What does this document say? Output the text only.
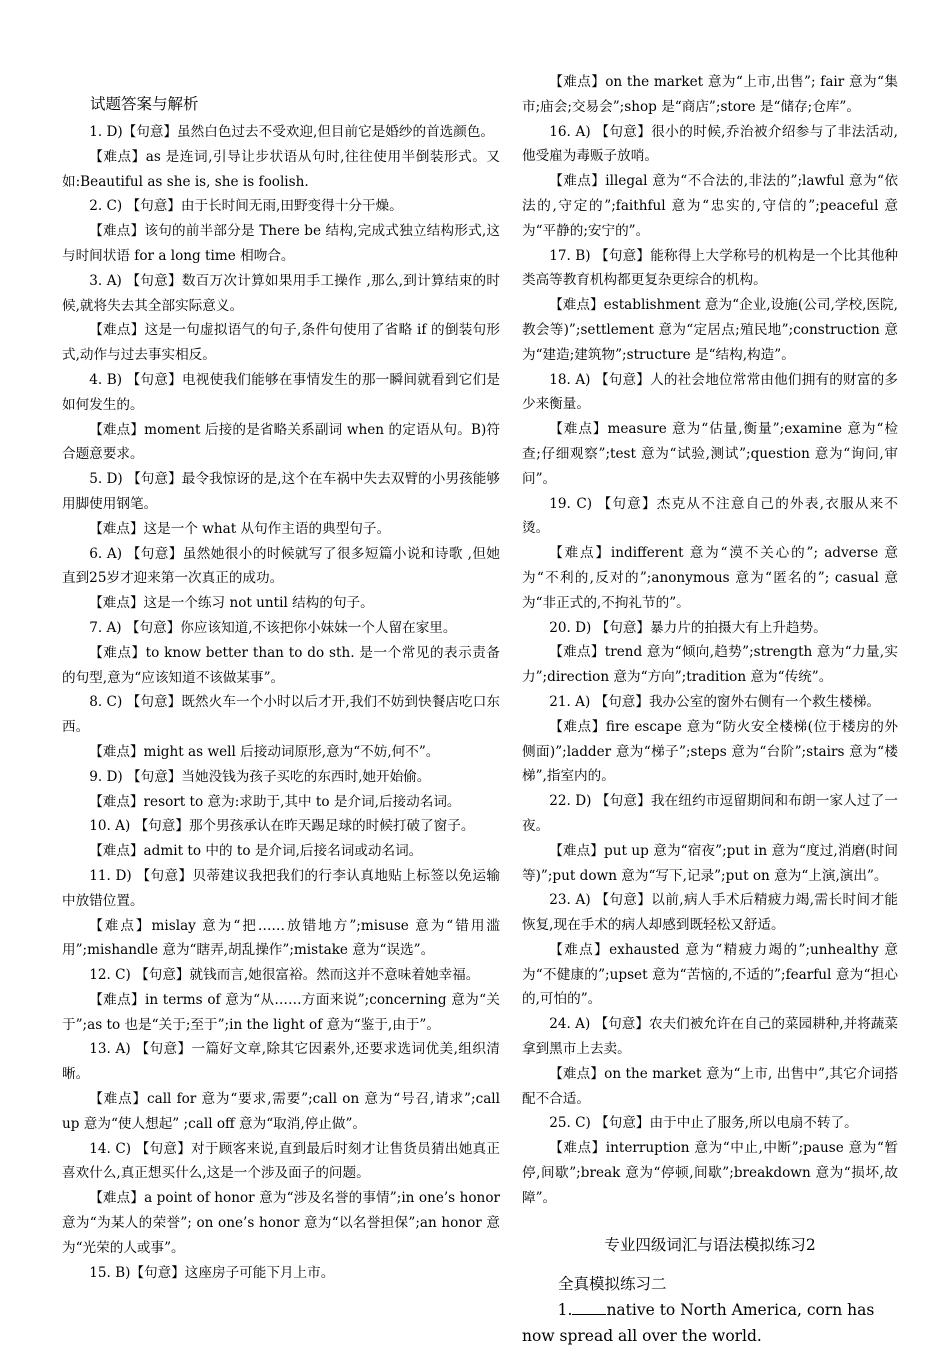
试题答案与解析

1. D)【句意】虽然白色过去不受欢迎,但目前它是婚纱的首选颜色。

【难点】as 是连词,引导让步状语从句时,往往使用半倒装形式。又如:Beautiful as she is, she is foolish.

2. C) 【句意】由于长时间无雨,田野变得十分干燥。

【难点】该句的前半部分是 There be 结构,完成式独立结构形式,这与时间状语 for a long time 相吻合。

3. A) 【句意】数百万次计算如果用手工操作 ,那么,到计算结束的时候,就将失去其全部实际意义。

【难点】这是一句虚拟语气的句子,条件句使用了省略 if 的倒装句形式,动作与过去事实相反。

4. B) 【句意】电视使我们能够在事情发生的那一瞬间就看到它们是如何发生的。

【难点】moment 后接的是省略关系副词 when 的定语从句。B)符合题意要求。

5. D) 【句意】最令我惊讶的是,这个在车祸中失去双臂的小男孩能够用脚使用钢笔。

【难点】这是一个 what 从句作主语的典型句子。

6. A) 【句意】虽然她很小的时候就写了很多短篇小说和诗歌 ,但她直到25岁才迎来第一次真正的成功。

【难点】这是一个练习 not until 结构的句子。

7. A) 【句意】你应该知道,不该把你小妹妹一个人留在家里。

【难点】to know better than to do sth. 是一个常见的表示责备的句型,意为“应该知道不该做某事”。

8. C) 【句意】既然火车一个小时以后才开,我们不妨到快餐店吃口东西。

【难点】might as well 后接动词原形,意为“不妨,何不”。

9. D) 【句意】当她没钱为孩子买吃的东西时,她开始偷。

【难点】resort to 意为:求助于,其中 to 是介词,后接动名词。

10. A) 【句意】那个男孩承认在昨天踢足球的时候打破了窗子。

【难点】admit to 中的 to 是介词,后接名词或动名词。

11. D) 【句意】贝蒂建议我把我们的行李认真地贴上标签以免运输中放错位置。

【难点】mislay 意为“把……放错地方”;misuse 意为“错用滥用”;mishandle 意为“瞎弄,胡乱操作”;mistake 意为“误选”。

12. C) 【句意】就钱而言,她很富裕。然而这并不意味着她幸福。

【难点】in terms of 意为“从……方面来说”;concerning 意为“关于”;as to 也是“关于;至于”;in the light of 意为“鉴于,由于”。

13. A) 【句意】一篇好文章,除其它因素外,还要求选词优美,组织清晰。

【难点】call for 意为“要求,需要”;call on 意为“号召,请求”;call up 意为“使人想起” ;call off 意为“取消,停止做”。

14. C) 【句意】对于顾客来说,直到最后时刻才让售货员猜出她真正喜欢什么,真正想买什么,这是一个涉及面子的问题。

【难点】a point of honor 意为“涉及名誉的事情”;in one’s honor 意为“为某人的荣誉”; on one’s honor 意为“以名誉担保”;an honor 意为“光荣的人或事”。

15. B)【句意】这座房子可能下月上市。

【难点】on the market 意为“上市,出售”; fair 意为“集市;庙会;交易会”;shop 是“商店”;store 是“储存;仓库”。

16. A) 【句意】很小的时候,乔治被介绍参与了非法活动,他受雇为毒贩子放哨。

【难点】illegal 意为“不合法的,非法的”;lawful 意为“依法的,守定的”;faithful 意为“忠实的,守信的”;peaceful 意为“平静的;安宁的”。

17. B) 【句意】能称得上大学称号的机构是一个比其他种类高等教育机构都更复杂更综合的机构。

【难点】establishment 意为“企业,设施(公司,学校,医院,教会等)”;settlement 意为“定居点;殖民地”;construction 意为“建造;建筑物”;structure 是“结构,构造”。

18. A) 【句意】人的社会地位常常由他们拥有的财富的多少来衡量。

【难点】measure 意为“估量,衡量”;examine 意为“检查;仔细观察”;test 意为“试验,测试”;question 意为“询问,审问”。

19. C) 【句意】杰克从不注意自己的外表,衣服从来不烫。

【难点】indifferent 意为“漠不关心的”; adverse 意为“不利的,反对的”;anonymous 意为“匿名的”; casual 意为“非正式的,不拘礼节的”。

20. D) 【句意】暴力片的拍摄大有上升趋势。

【难点】trend 意为“倾向,趋势”;strength 意为“力量,实力”;direction 意为“方向”;tradition 意为“传统”。

21. A) 【句意】我办公室的窗外右侧有一个救生楼梯。

【难点】fire escape 意为“防火安全楼梯(位于楼房的外侧面)”;ladder 意为“梯子”;steps 意为“台阶”;stairs 意为“楼梯”,指室内的。

22. D) 【句意】我在纽约市逗留期间和布朗一家人过了一夜。

【难点】put up 意为“宿夜”;put in 意为“度过,消磨(时间等)”;put down 意为“写下,记录”;put on 意为“上演,演出”。

23. A) 【句意】以前,病人手术后精疲力竭,需长时间才能恢复,现在手术的病人却感到既轻松又舒适。

【难点】exhausted 意为“精疲力竭的”;unhealthy 意为“不健康的”;upset 意为“苦恼的,不适的”;fearful 意为“担心的,可怕的”。

24. A) 【句意】农夫们被允许在自己的菜园耕种,并将蔬菜拿到黑市上去卖。

【难点】on the market 意为“上市, 出售中”,其它介词搭配不合适。

25. C) 【句意】由于中止了服务,所以电扇不转了。

【难点】interruption 意为“中止,中断”;pause 意为“暂停,间歇”;break 意为“停顿,间歇”;breakdown 意为“损坏,故障”。

专业四级词汇与语法模拟练习2
全真模拟练习二

1. native to North America, corn has now spread all over the world.
